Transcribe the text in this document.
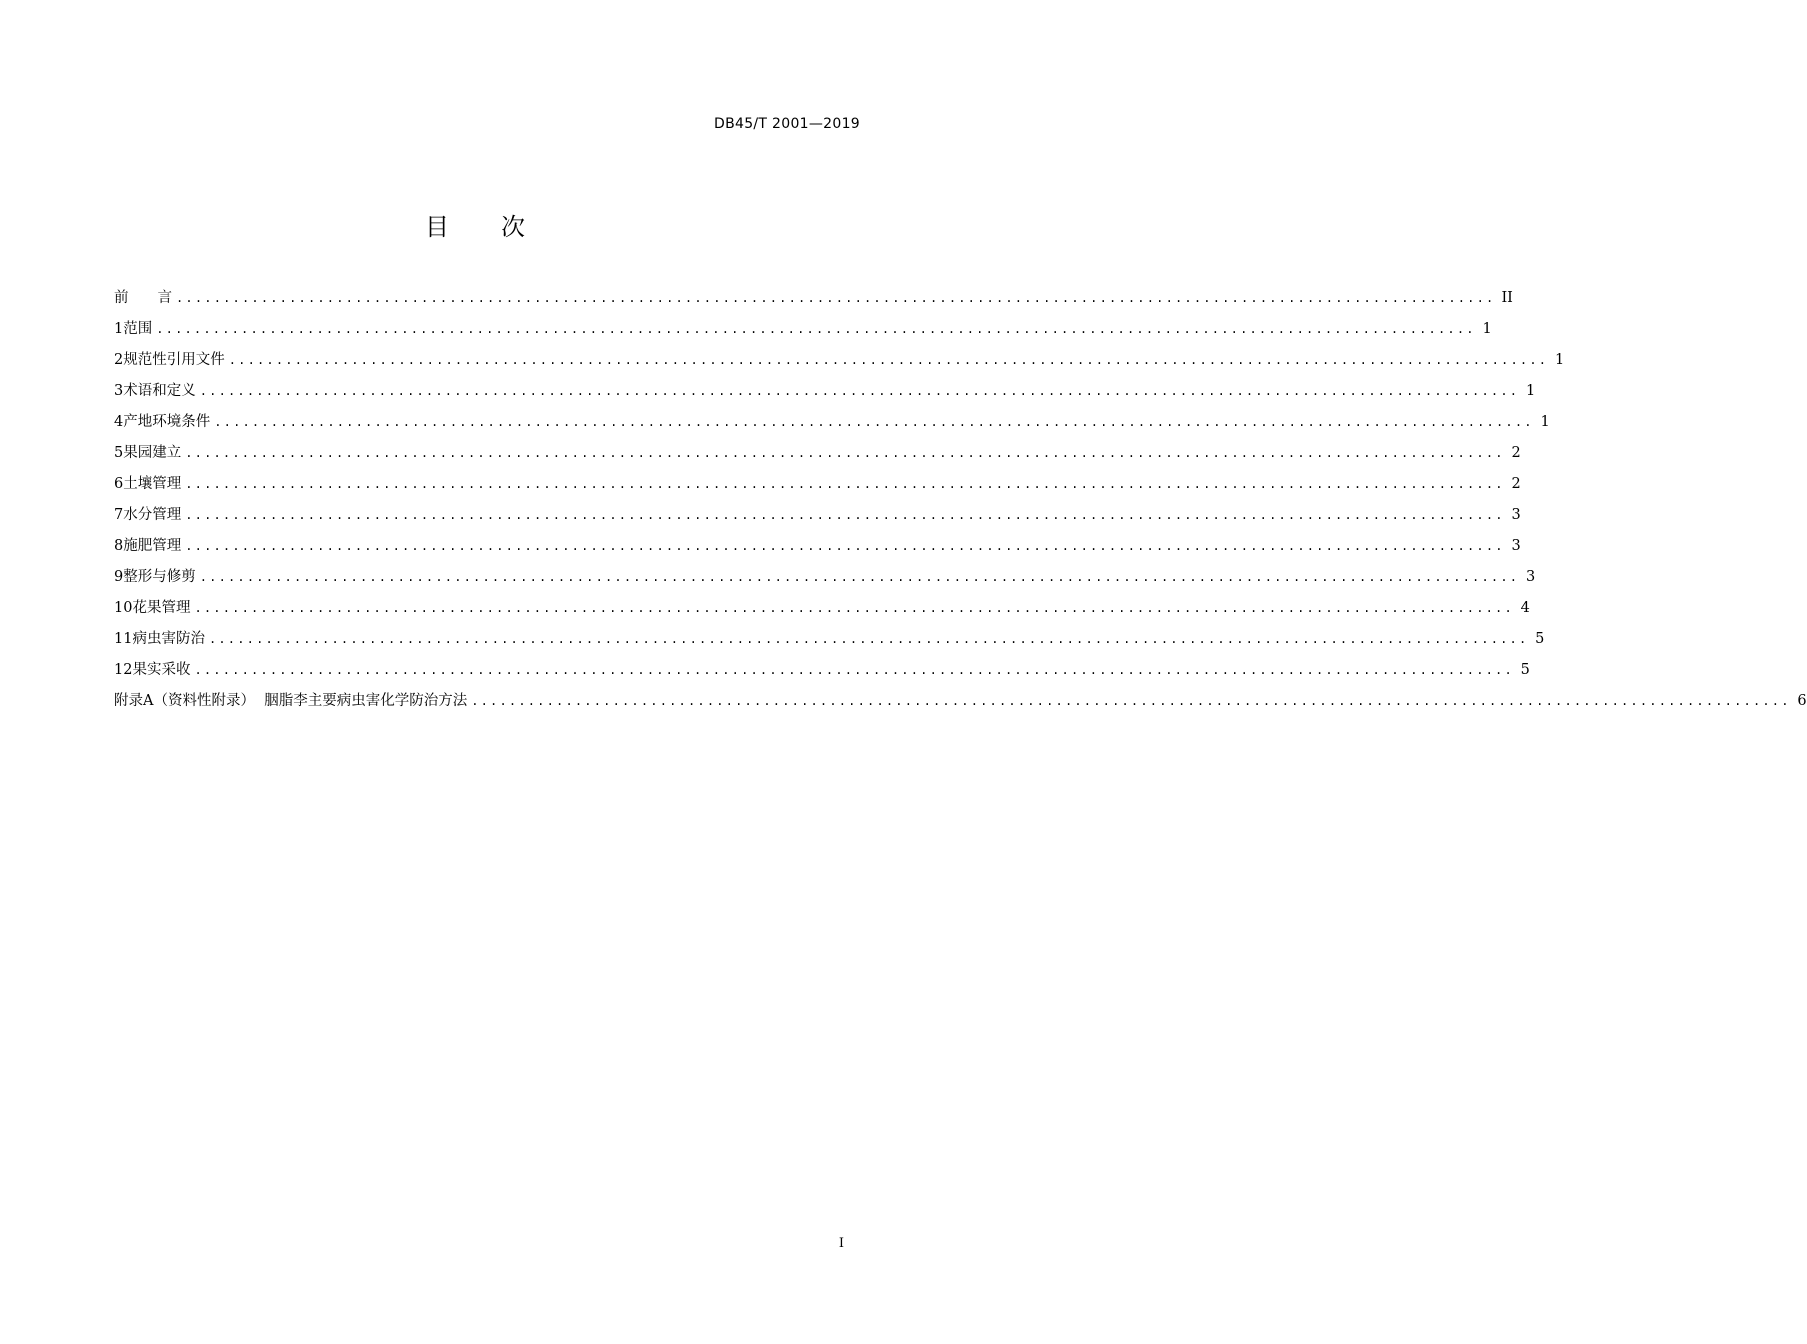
DB45/T 2001—2019
目 次
前　　言 ............................................................................................................................................ II
1 范围 ............................................................................................................................................ 1
2 规范性引用文件 ............................................................................................................................................ 1
3 术语和定义 ............................................................................................................................................ 1
4 产地环境条件 ............................................................................................................................................ 1
5 果园建立 ............................................................................................................................................ 2
6 土壤管理 ............................................................................................................................................ 2
7 水分管理 ............................................................................................................................................ 3
8 施肥管理 ............................................................................................................................................ 3
9 整形与修剪 ............................................................................................................................................ 3
10 花果管理 ............................................................................................................................................ 4
11 病虫害防治 ............................................................................................................................................ 5
12 果实采收 ............................................................................................................................................ 5
附录A（资料性附录）  胭脂李主要病虫害化学防治方法 ............................................................................................................................................ 6
I
